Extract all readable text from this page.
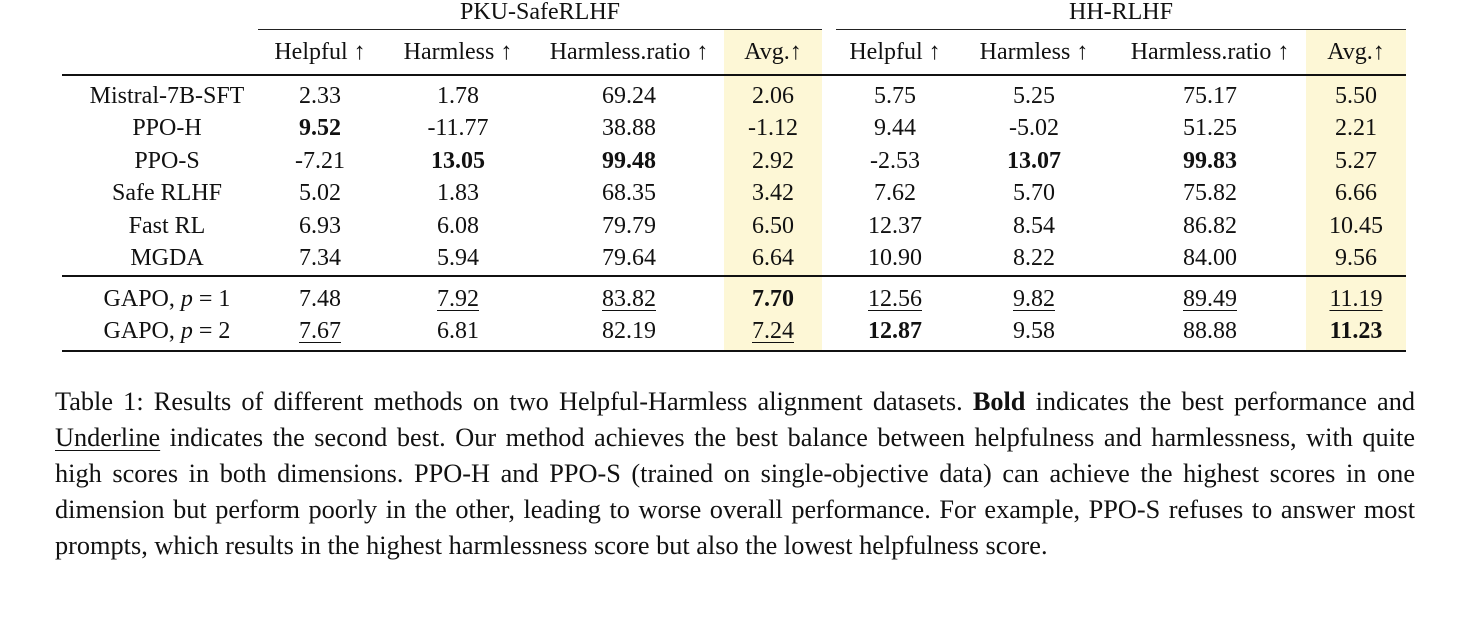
	PKU-SafeRLHF					HH-RLHF			
	Helpful ↑	Harmless ↑	Harmless.ratio ↑	Avg.↑		Helpful ↑	Harmless ↑	Harmless.ratio ↑	Avg.↑
Mistral-7B-SFT	2.33	1.78	69.24	2.06		5.75	5.25	75.17	5.50
PPO-H	9.52	-11.77	38.88	-1.12		9.44	-5.02	51.25	2.21
PPO-S	-7.21	13.05	99.48	2.92		-2.53	13.07	99.83	5.27
Safe RLHF	5.02	1.83	68.35	3.42		7.62	5.70	75.82	6.66
Fast RL	6.93	6.08	79.79	6.50		12.37	8.54	86.82	10.45
MGDA	7.34	5.94	79.64	6.64		10.90	8.22	84.00	9.56
GAPO, p = 1	7.48	7.92	83.82	7.70		12.56	9.82	89.49	11.19
GAPO, p = 2	7.67	6.81	82.19	7.24		12.87	9.58	88.88	11.23
Table 1: Results of different methods on two Helpful-Harmless alignment datasets. Bold indicates the best performance and Underline indicates the second best. Our method achieves the best balance between helpfulness and harmlessness, with quite high scores in both dimensions. PPO-H and PPO-S (trained on single-objective data) can achieve the highest scores in one dimension but perform poorly in the other, leading to worse overall performance. For example, PPO-S refuses to answer most prompts, which results in the highest harmlessness score but also the lowest helpfulness score.
